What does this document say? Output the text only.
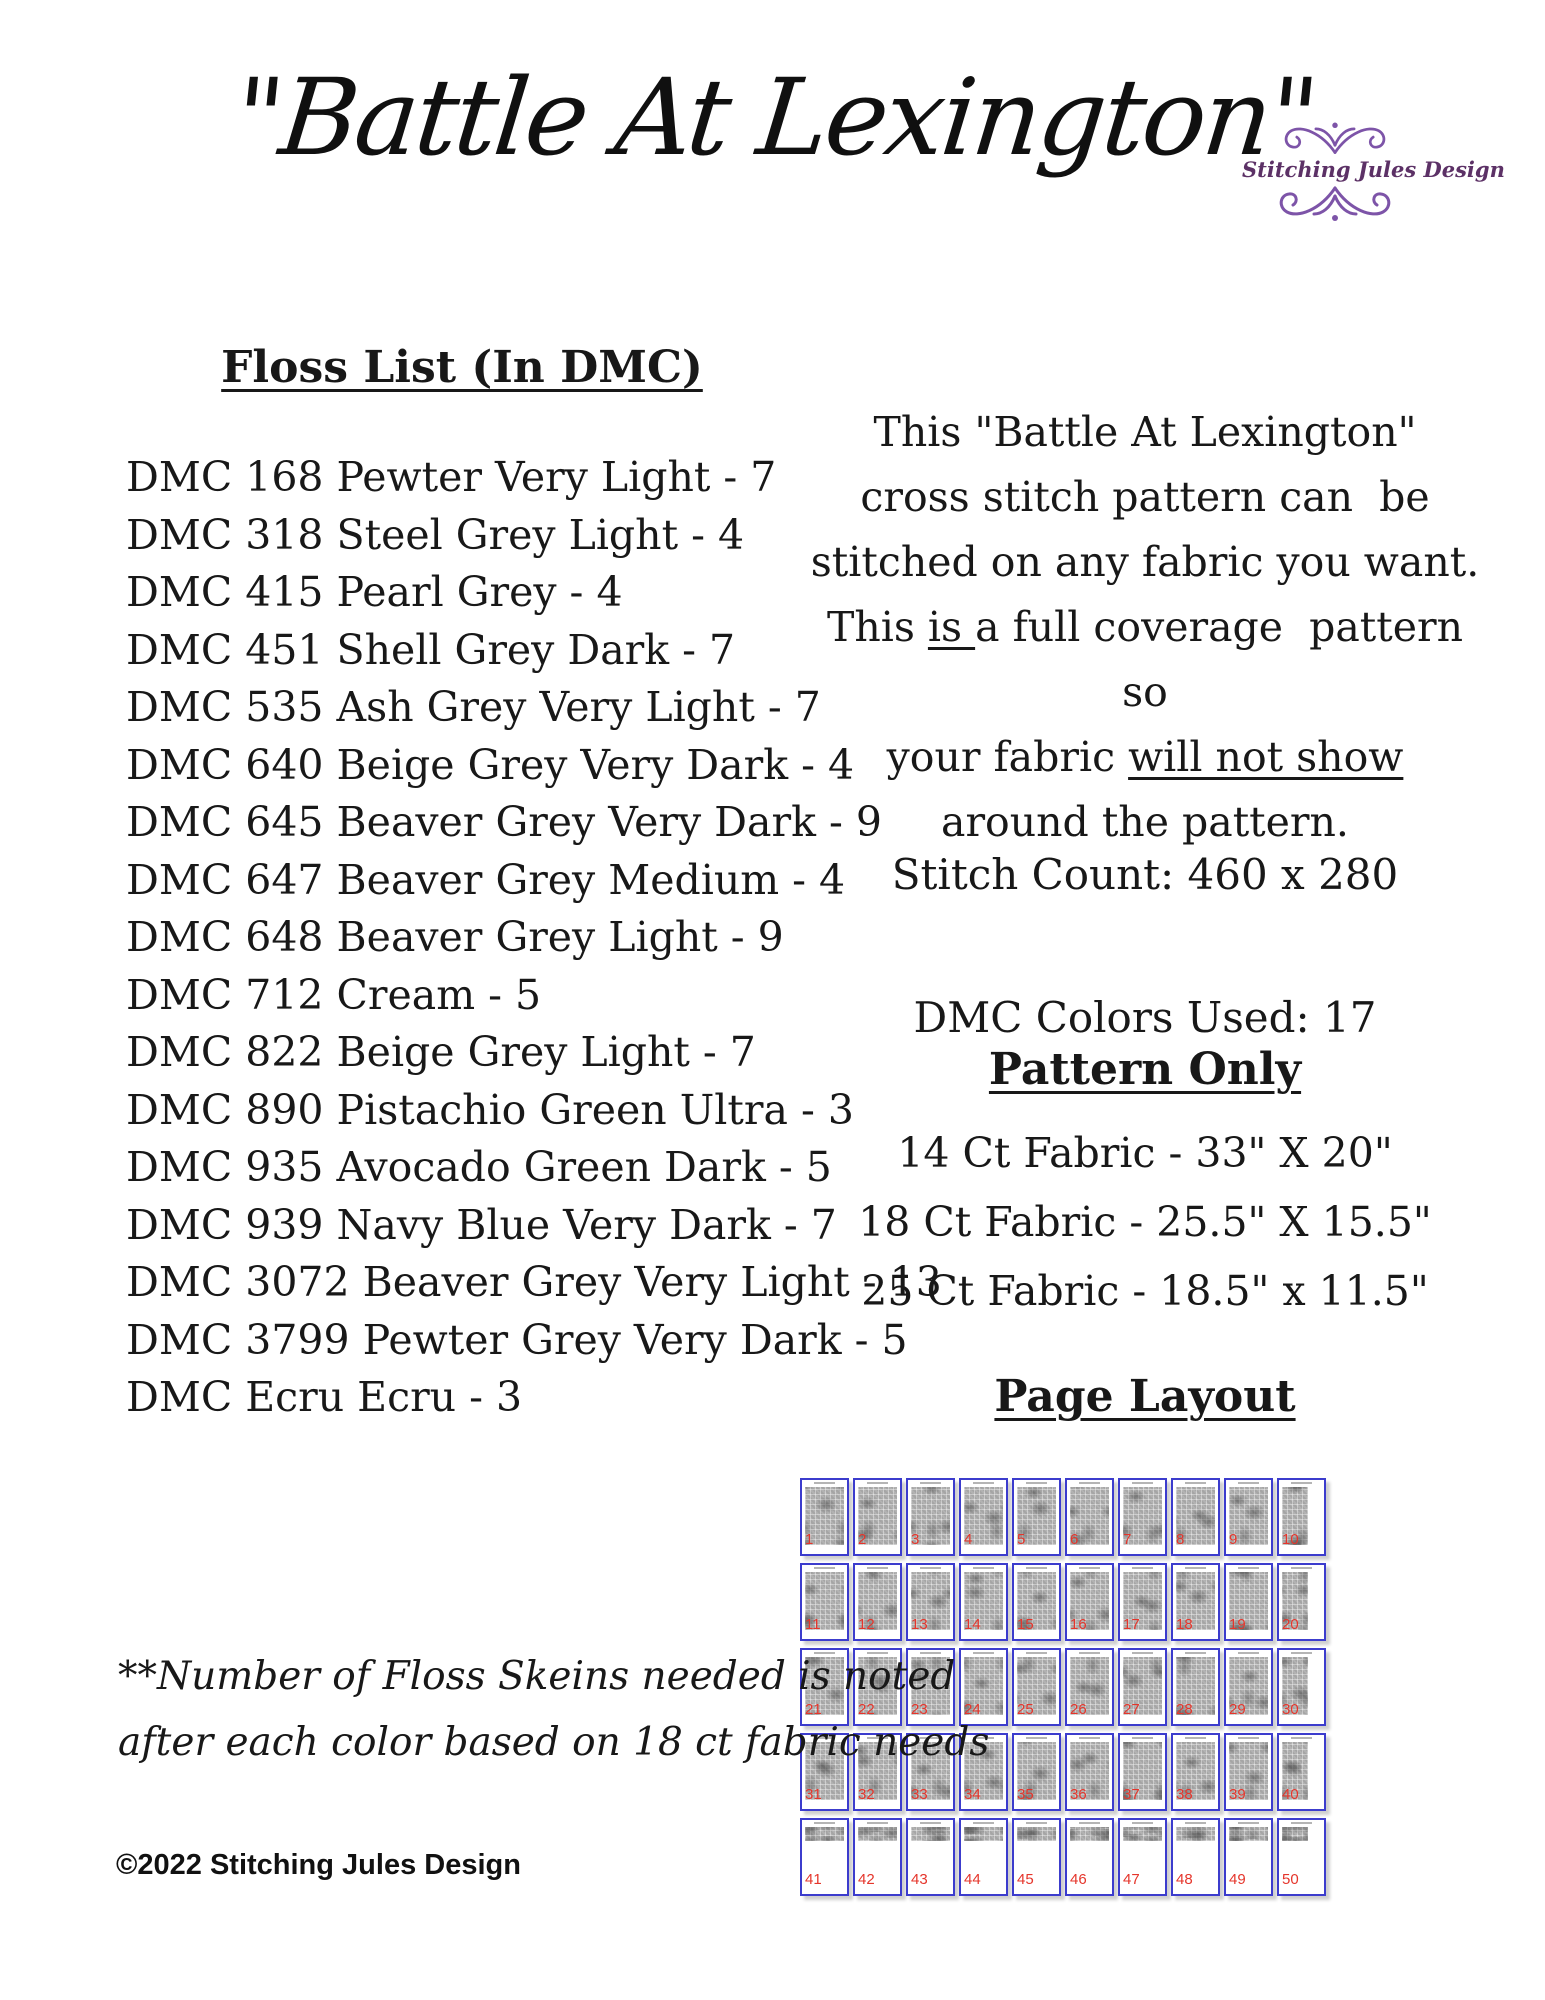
"Battle At Lexington"
Stitching Jules Design
Floss List (In DMC)
DMC 168 Pewter Very Light - 7
DMC 318 Steel Grey Light - 4
DMC 415 Pearl Grey - 4
DMC 451 Shell Grey Dark - 7
DMC 535 Ash Grey Very Light - 7
DMC 640 Beige Grey Very Dark - 4
DMC 645 Beaver Grey Very Dark - 9
DMC 647 Beaver Grey Medium - 4
DMC 648 Beaver Grey Light - 9
DMC 712 Cream - 5
DMC 822 Beige Grey Light - 7
DMC 890 Pistachio Green Ultra - 3
DMC 935 Avocado Green Dark - 5
DMC 939 Navy Blue Very Dark - 7
DMC 3072 Beaver Grey Very Light - 13
DMC 3799 Pewter Grey Very Dark - 5
DMC Ecru Ecru - 3
This "Battle At Lexington"
cross stitch pattern can  be
stitched on any fabric you want.
This is a full coverage  pattern  so
your fabric will not show
around the pattern.
Stitch Count: 460 x 280
DMC Colors Used: 17
Pattern Only
14 Ct Fabric - 33" X 20"
18 Ct Fabric - 25.5" X 15.5"
25 Ct Fabric - 18.5" x 11.5"
Page Layout
1	2	3	4	5	6	7	8	9	10
11 12 13 14 15 16 17 18 19 20
21 22 23 24 25 26 27 28 29 30
31 32 33 34 35 36 37 38 39 40
41 42 43 44 45 46 47 48 49 50
**Number of Floss Skeins needed is noted
after each color based on 18 ct fabric needs
©2022 Stitching Jules Design
